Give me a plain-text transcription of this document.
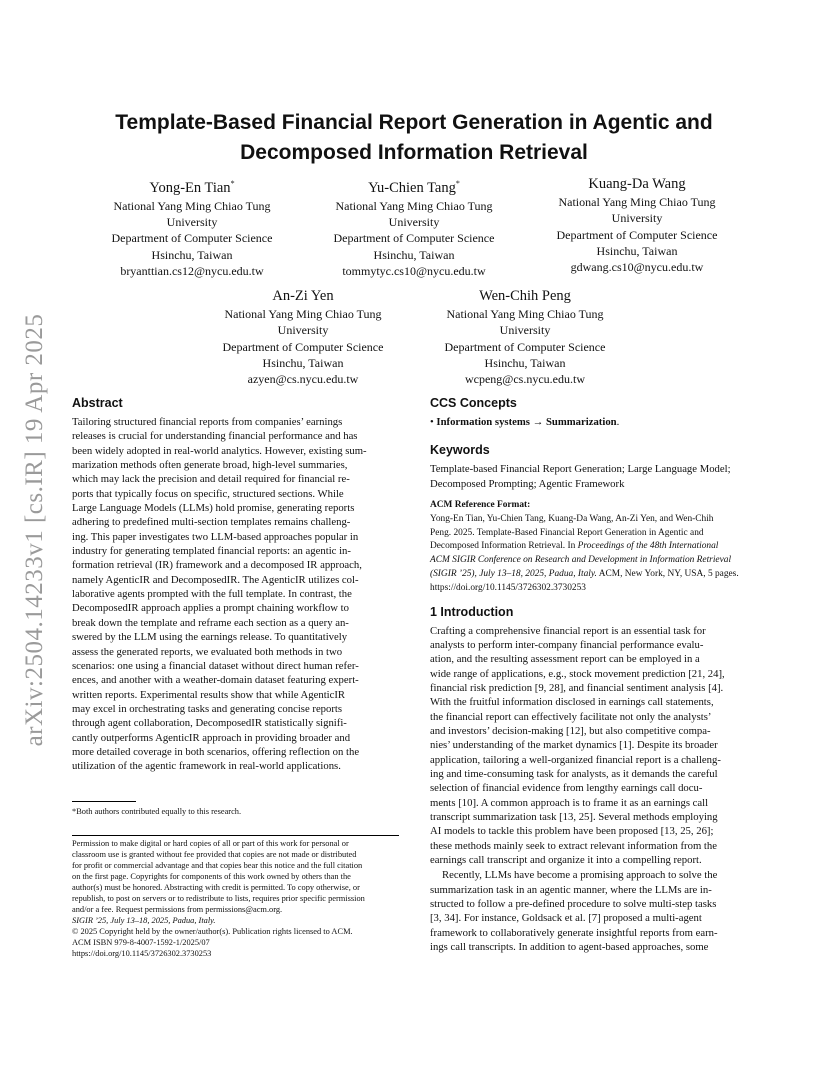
arXiv:2504.14233v1 [cs.IR] 19 Apr 2025
Template-Based Financial Report Generation in Agentic and
Decomposed Information Retrieval
Yong-En Tian*
National Yang Ming Chiao Tung
University
Department of Computer Science
Hsinchu, Taiwan
bryanttian.cs12@nycu.edu.tw
Yu-Chien Tang*
National Yang Ming Chiao Tung
University
Department of Computer Science
Hsinchu, Taiwan
tommytyc.cs10@nycu.edu.tw
Kuang-Da Wang
National Yang Ming Chiao Tung
University
Department of Computer Science
Hsinchu, Taiwan
gdwang.cs10@nycu.edu.tw
An-Zi Yen
National Yang Ming Chiao Tung
University
Department of Computer Science
Hsinchu, Taiwan
azyen@cs.nycu.edu.tw
Wen-Chih Peng
National Yang Ming Chiao Tung
University
Department of Computer Science
Hsinchu, Taiwan
wcpeng@cs.nycu.edu.tw
Abstract
Tailoring structured financial reports from companies’ earnings
releases is crucial for understanding financial performance and has
been widely adopted in real-world analytics. However, existing sum-
marization methods often generate broad, high-level summaries,
which may lack the precision and detail required for financial re-
ports that typically focus on specific, structured sections. While
Large Language Models (LLMs) hold promise, generating reports
adhering to predefined multi-section templates remains challeng-
ing. This paper investigates two LLM-based approaches popular in
industry for generating templated financial reports: an agentic in-
formation retrieval (IR) framework and a decomposed IR approach,
namely AgenticIR and DecomposedIR. The AgenticIR utilizes col-
laborative agents prompted with the full template. In contrast, the
DecomposedIR approach applies a prompt chaining workflow to
break down the template and reframe each section as a query an-
swered by the LLM using the earnings release. To quantitatively
assess the generated reports, we evaluated both methods in two
scenarios: one using a financial dataset without direct human refer-
ences, and another with a weather-domain dataset featuring expert-
written reports. Experimental results show that while AgenticIR
may excel in orchestrating tasks and generating concise reports
through agent collaboration, DecomposedIR statistically signifi-
cantly outperforms AgenticIR approach in providing broader and
more detailed coverage in both scenarios, offering reflection on the
utilization of the agentic framework in real-world applications.
*Both authors contributed equally to this research.
Permission to make digital or hard copies of all or part of this work for personal or
classroom use is granted without fee provided that copies are not made or distributed
for profit or commercial advantage and that copies bear this notice and the full citation
on the first page. Copyrights for components of this work owned by others than the
author(s) must be honored. Abstracting with credit is permitted. To copy otherwise, or
republish, to post on servers or to redistribute to lists, requires prior specific permission
and/or a fee. Request permissions from permissions@acm.org.
SIGIR ’25, July 13–18, 2025, Padua, Italy.
© 2025 Copyright held by the owner/author(s). Publication rights licensed to ACM.
ACM ISBN 979-8-4007-1592-1/2025/07
https://doi.org/10.1145/3726302.3730253
CCS Concepts
• Information systems → Summarization.
Keywords
Template-based Financial Report Generation; Large Language Model;
Decomposed Prompting; Agentic Framework
ACM Reference Format:
Yong-En Tian, Yu-Chien Tang, Kuang-Da Wang, An-Zi Yen, and Wen-Chih
Peng. 2025. Template-Based Financial Report Generation in Agentic and
Decomposed Information Retrieval. In Proceedings of the 48th International
ACM SIGIR Conference on Research and Development in Information Retrieval
(SIGIR ’25), July 13–18, 2025, Padua, Italy. ACM, New York, NY, USA, 5 pages.
https://doi.org/10.1145/3726302.3730253
1 Introduction
Crafting a comprehensive financial report is an essential task for
analysts to perform inter-company financial performance evalu-
ation, and the resulting assessment report can be employed in a
wide range of applications, e.g., stock movement prediction [21, 24],
financial risk prediction [9, 28], and financial sentiment analysis [4].
With the fruitful information disclosed in earnings call statements,
the financial report can effectively facilitate not only the analysts’
and investors’ decision-making [12], but also competitive compa-
nies’ understanding of the market dynamics [1]. Despite its broader
application, tailoring a well-organized financial report is a challeng-
ing and time-consuming task for analysts, as it demands the careful
selection of financial evidence from lengthy earnings call docu-
ments [10]. A common approach is to frame it as an earnings call
transcript summarization task [13, 25]. Several methods employing
AI models to tackle this problem have been proposed [13, 25, 26];
these methods mainly seek to extract relevant information from the
earnings call transcript and organize it into a compelling report.
Recently, LLMs have become a promising approach to solve the
summarization task in an agentic manner, where the LLMs are in-
structed to follow a pre-defined procedure to solve multi-step tasks
[3, 34]. For instance, Goldsack et al. [7] proposed a multi-agent
framework to collaboratively generate insightful reports from earn-
ings call transcripts. In addition to agent-based approaches, some
